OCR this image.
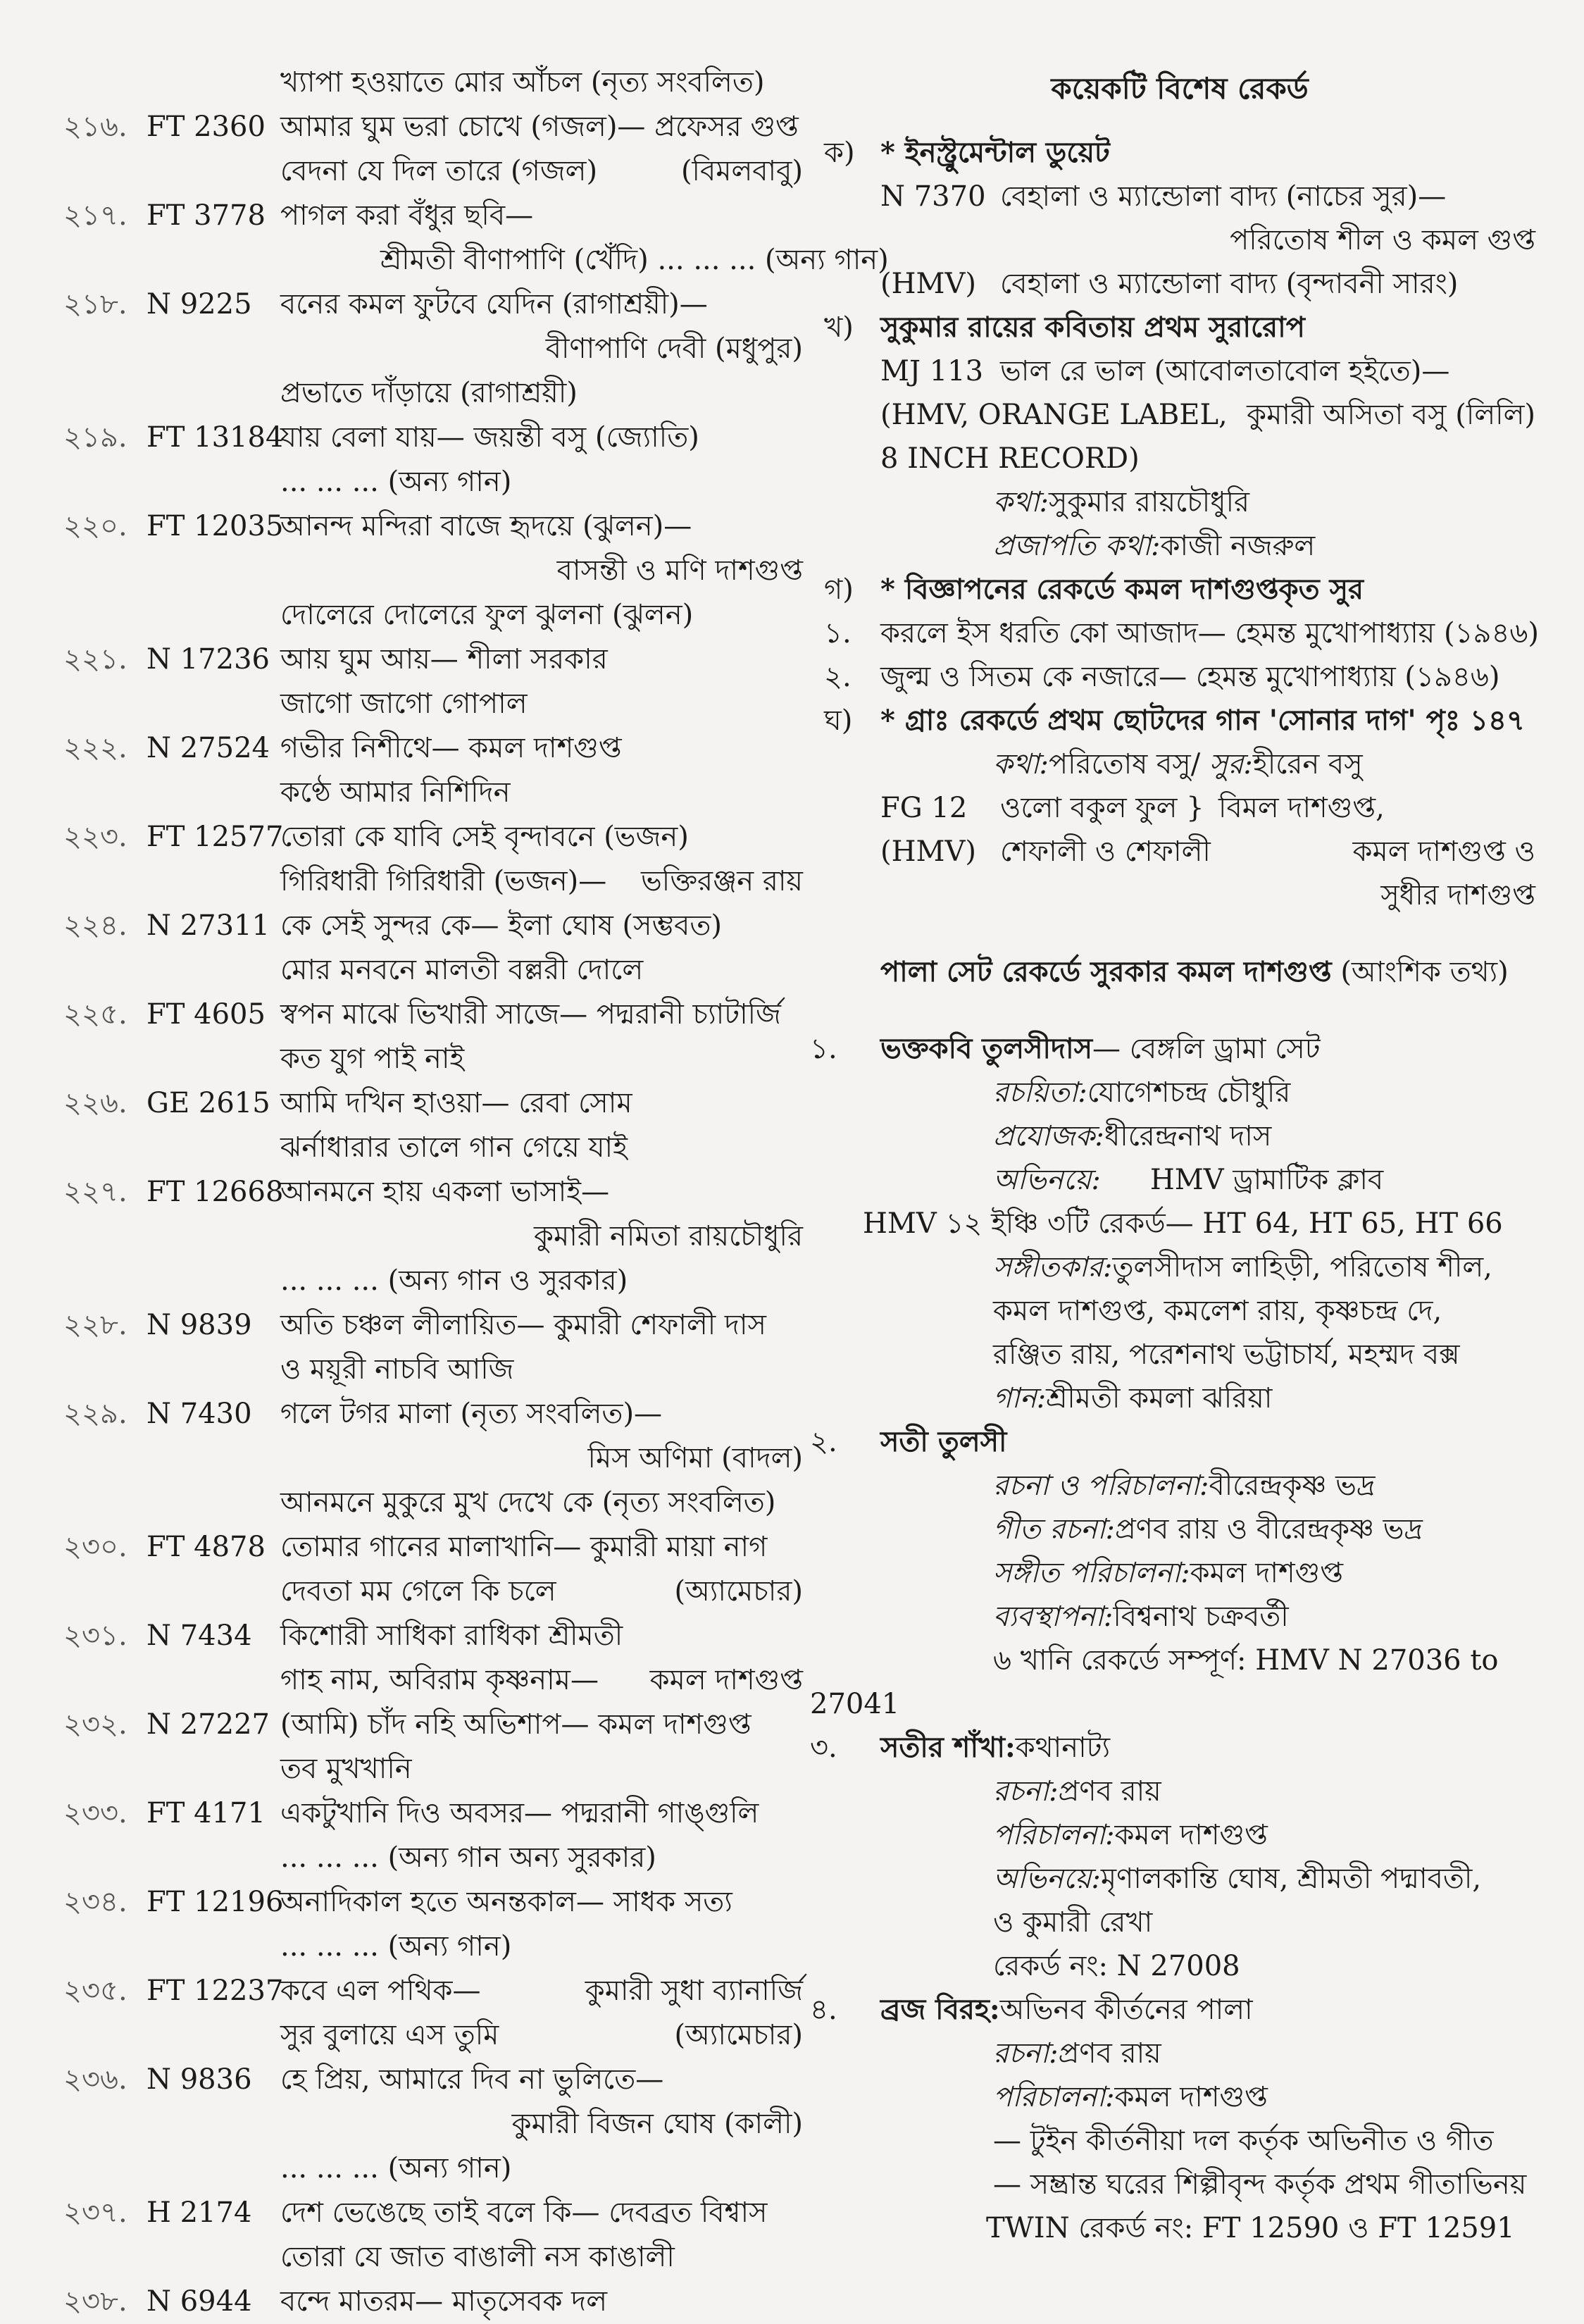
খ্যাপা হওয়াতে মোর আঁচল (নৃত্য সংবলিত)
২১৬. FT 2360 আমার ঘুম ভরা চোখে (গজল)— প্রফেসর গুপ্ত
বেদনা যে দিল তারে (গজল)	(বিমলবাবু)
২১৭. FT 3778 পাগল করা বঁধুর ছবি—
শ্রীমতী বীণাপাণি (খেঁদি) ... ... ... (অন্য গান)
২১৮. N 9225 বনের কমল ফুটবে যেদিন (রাগাশ্রয়ী)—
বীণাপাণি দেবী (মধুপুর)
প্রভাতে দাঁড়ায়ে (রাগাশ্রয়ী)
২১৯. FT 13184
যায় বেলা যায়— জয়ন্তী বসু (জ্যোতি)
... ... ... (অন্য গান)
২২০. FT 12035
আনন্দ মন্দিরা বাজে হৃদয়ে (ঝুলন)—
বাসন্তী ও মণি দাশগুপ্ত
দোলেরে দোলেরে ফুল ঝুলনা (ঝুলন)
২২১. N 17236 আয় ঘুম আয়— শীলা সরকার
জাগো জাগো গোপাল
২২২. N 27524 গভীর নিশীথে— কমল দাশগুপ্ত
কণ্ঠে আমার নিশিদিন
২২৩. FT 12577
তোরা কে যাবি সেই বৃন্দাবনে (ভজন)
গিরিধারী গিরিধারী (ভজন)— ভক্তিরঞ্জন রায়
২২৪. N 27311 কে সেই সুন্দর কে— ইলা ঘোষ (সম্ভবত)
মোর মনবনে মালতী বল্লরী দোলে
২২৫. FT 4605 স্বপন মাঝে ভিখারী সাজে— পদ্মরানী চ্যাটার্জি
কত যুগ পাই নাই
২২৬. GE 2615 আমি দখিন হাওয়া— রেবা সোম
ঝর্নাধারার তালে গান গেয়ে যাই
২২৭. FT 12668
আনমনে হায় একলা ভাসাই—
কুমারী নমিতা রায়চৌধুরি
... ... ... (অন্য গান ও সুরকার)
২২৮. N 9839 অতি চঞ্চল লীলায়িত— কুমারী শেফালী দাস
ও ময়ূরী নাচবি আজি
২২৯. N 7430 গলে টগর মালা (নৃত্য সংবলিত)—
মিস অণিমা (বাদল)
আনমনে মুকুরে মুখ দেখে কে (নৃত্য সংবলিত)
২৩০. FT 4878 তোমার গানের মালাখানি— কুমারী মায়া নাগ
দেবতা মম গেলে কি চলে	(অ্যামেচার)
২৩১. N 7434 কিশোরী সাধিকা রাধিকা শ্রীমতী
গাহ নাম, অবিরাম কৃষ্ণনাম— কমল দাশগুপ্ত
২৩২. N 27227 (আমি) চাঁদ নহি অভিশাপ— কমল দাশগুপ্ত
তব মুখখানি
২৩৩. FT 4171 একটুখানি দিও অবসর— পদ্মরানী গাঙ্গুলি
... ... ... (অন্য গান অন্য সুরকার)
২৩৪. FT 12196
অনাদিকাল হতে অনন্তকাল— সাধক সত্য
... ... ... (অন্য গান)
২৩৫. FT 12237
কবে এল পথিক—	কুমারী সুধা ব্যানার্জি
সুর বুলায়ে এস তুমি	(অ্যামেচার)
২৩৬. N 9836 হে প্রিয়, আমারে দিব না ভুলিতে—
কুমারী বিজন ঘোষ (কালী)
... ... ... (অন্য গান)
২৩৭. H 2174 দেশ ভেঙেছে তাই বলে কি— দেবব্রত বিশ্বাস
তোরা যে জাত বাঙালী নস কাঙালী
২৩৮. N 6944 বন্দে মাতরম— মাতৃসেবক দল
কয়েকটি বিশেষ রেকর্ড
ক) * ইনস্ট্রুমেন্টাল ডুয়েট
N 7370 বেহালা ও ম্যান্ডোলা বাদ্য (নাচের সুর)—
পরিতোষ শীল ও কমল গুপ্ত
(HMV) বেহালা ও ম্যান্ডোলা বাদ্য (বৃন্দাবনী সারং)
খ) সুকুমার রায়ের কবিতায় প্রথম সুরারোপ
MJ 113 ভাল রে ভাল (আবোলতাবোল হইতে)—
(HMV, ORANGE LABEL, কুমারী অসিতা বসু (লিলি)
8 INCH RECORD)
কথা:সুকুমার রায়চৌধুরি
প্রজাপতি কথা:কাজী নজরুল
গ) * বিজ্ঞাপনের রেকর্ডে কমল দাশগুপ্তকৃত সুর
১. করলে ইস ধরতি কো আজাদ— হেমন্ত মুখোপাধ্যায় (১৯৪৬)
২. জুল্ম ও সিতম কে নজারে— হেমন্ত মুখোপাধ্যায় (১৯৪৬)
ঘ) * গ্রাঃ রেকর্ডে প্রথম ছোটদের গান 'সোনার দাগ' পৃঃ ১৪৭
কথা:পরিতোষ বসু/ সুর:হীরেন বসু
FG 12 ওলো বকুল ফুল } বিমল দাশগুপ্ত,
(HMV) শেফালী ও শেফালী	কমল দাশগুপ্ত ও
সুধীর দাশগুপ্ত
পালা সেট রেকর্ডে সুরকার কমল দাশগুপ্ত (আংশিক তথ্য)
১. ভক্তকবি তুলসীদাস— বেঙ্গলি ড্রামা সেট
রচয়িতা:যোগেশচন্দ্র চৌধুরি
প্রযোজক:ধীরেন্দ্রনাথ দাস
অভিনয়ে: HMV ড্রামাটিক ক্লাব
HMV ১২ ইঞ্চি ৩টি রেকর্ড— HT 64, HT 65, HT 66
সঙ্গীতকার:তুলসীদাস লাহিড়ী, পরিতোষ শীল,
কমল দাশগুপ্ত, কমলেশ রায়, কৃষ্ণচন্দ্র দে,
রঞ্জিত রায়, পরেশনাথ ভট্টাচার্য, মহম্মদ বক্স
গান:শ্রীমতী কমলা ঝরিয়া
২. সতী তুলসী
রচনা ও পরিচালনা:বীরেন্দ্রকৃষ্ণ ভদ্র
গীত রচনা:প্রণব রায় ও বীরেন্দ্রকৃষ্ণ ভদ্র
সঙ্গীত পরিচালনা:কমল দাশগুপ্ত
ব্যবস্থাপনা:বিশ্বনাথ চক্রবর্তী
৬ খানি রেকর্ডে সম্পূর্ণ: HMV N 27036 to
27041
৩. সতীর শাঁখা:কথানাট্য
রচনা:প্রণব রায়
পরিচালনা:কমল দাশগুপ্ত
অভিনয়ে:মৃণালকান্তি ঘোষ, শ্রীমতী পদ্মাবতী,
ও কুমারী রেখা
রেকর্ড নং: N 27008
৪. ব্রজ বিরহ:অভিনব কীর্তনের পালা
রচনা:প্রণব রায়
পরিচালনা:কমল দাশগুপ্ত
— টুইন কীর্তনীয়া দল কর্তৃক অভিনীত ও গীত
— সম্ভ্রান্ত ঘরের শিল্পীবৃন্দ কর্তৃক প্রথম গীতাভিনয়
TWIN রেকর্ড নং: FT 12590 ও FT 12591
